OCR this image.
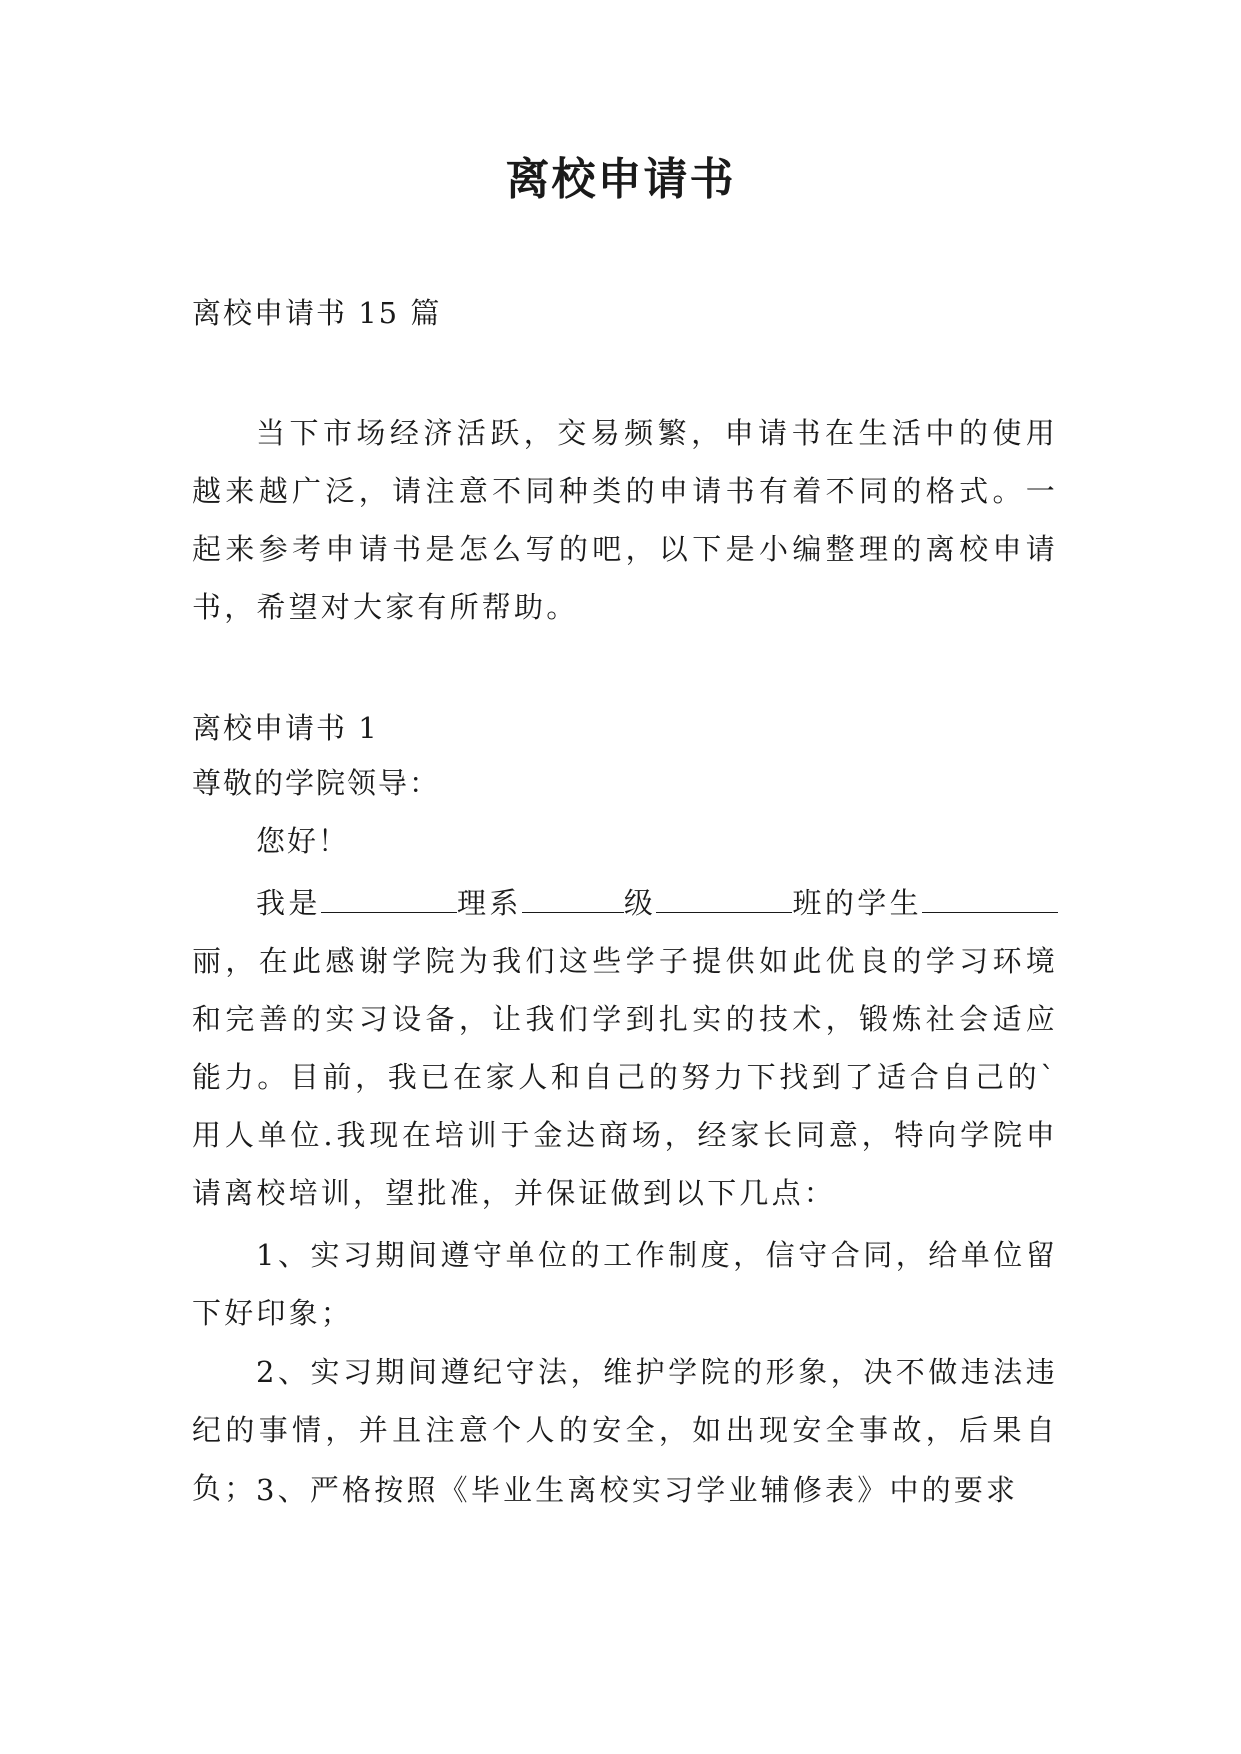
离校申请书
离校申请书 15 篇
当下市场经济活跃，交易频繁，申请书在生活中的使用越来越广泛，请注意不同种类的申请书有着不同的格式。一起来参考申请书是怎么写的吧，以下是小编整理的离校申请书，希望对大家有所帮助。
离校申请书 1
尊敬的学院领导：
您好！
我是	理系	级	班的学生丽，在此感谢学院为我们这些学子提供如此优良的学习环境和完善的实习设备，让我们学到扎实的技术，锻炼社会适应能力。目前，我已在家人和自己的努力下找到了适合自己的`用人单位.我现在培训于金达商场，经家长同意，特向学院申请离校培训，望批准，并保证做到以下几点：
1、实习期间遵守单位的工作制度，信守合同，给单位留下好印象；
2、实习期间遵纪守法，维护学院的形象，决不做违法违纪的事情，并且注意个人的安全，如出现安全事故，后果自负； 3、严格按照《毕业生离校实习学业辅修表》中的要求
